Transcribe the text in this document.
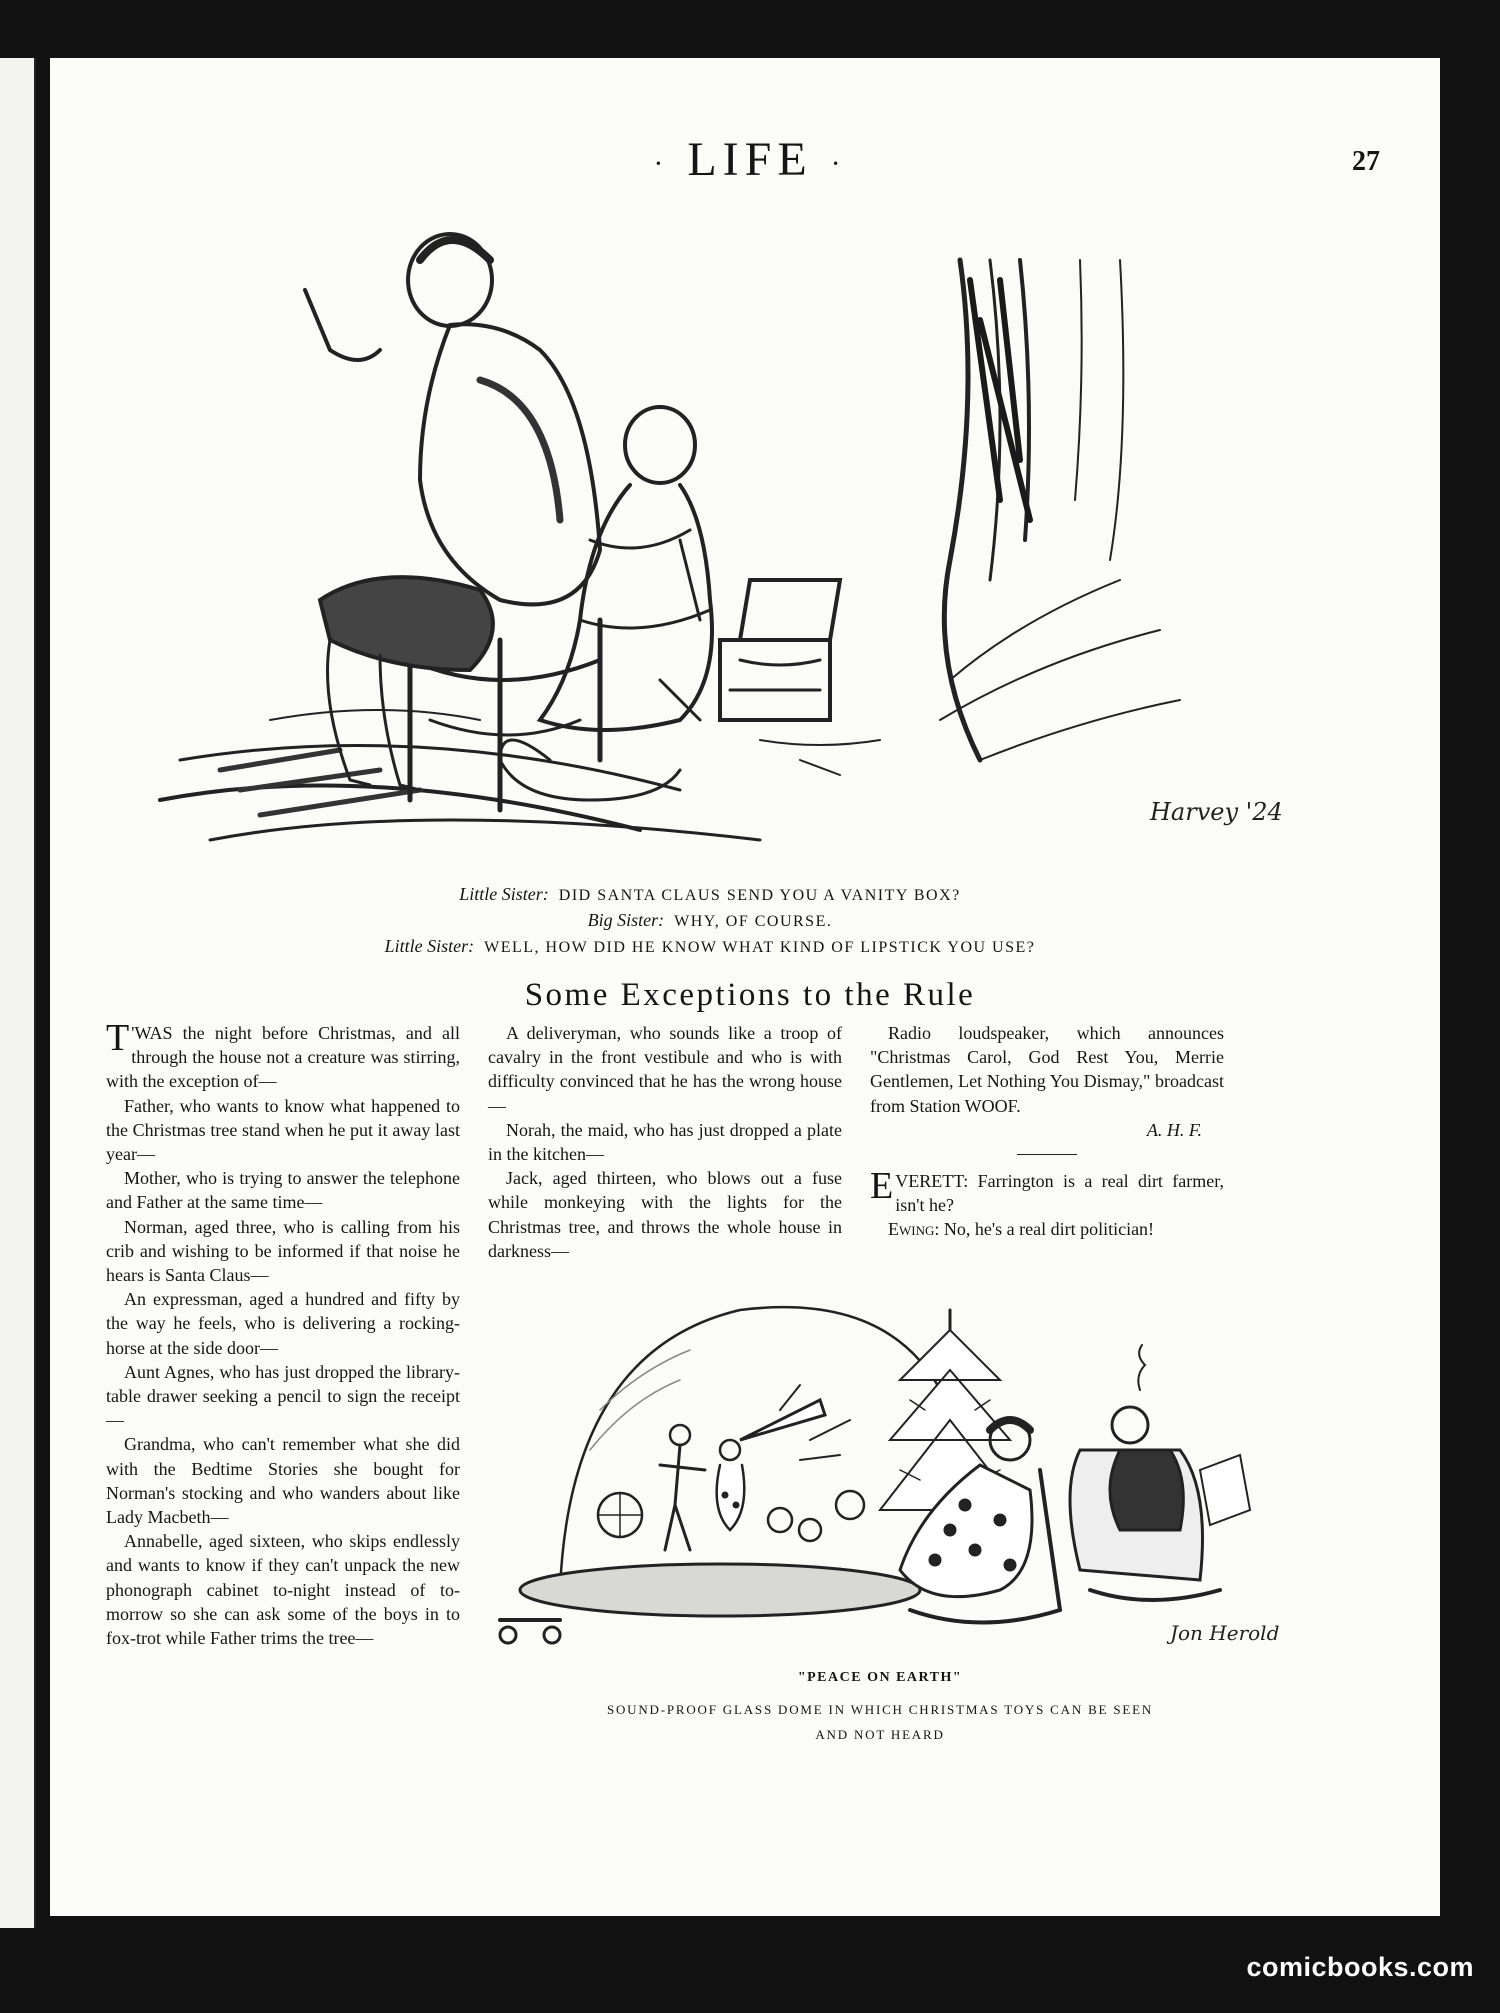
· LIFE ·	27
Harvey '24
Little Sister: DID SANTA CLAUS SEND YOU A VANITY BOX?
Big Sister: WHY, OF COURSE.
Little Sister: WELL, HOW DID HE KNOW WHAT KIND OF LIPSTICK YOU USE?
Some Exceptions to the Rule

T 'WAS the night before Christmas, and all through the house not a creature was stirring, with the exception of—

Father, who wants to know what happened to the Christmas tree stand when he put it away last year—

Mother, who is trying to answer the telephone and Father at the same time—

Norman, aged three, who is calling from his crib and wishing to be informed if that noise he hears is Santa Claus—

An expressman, aged a hundred and fifty by the way he feels, who is delivering a rocking-horse at the side door—

Aunt Agnes, who has just dropped the library-table drawer seeking a pencil to sign the receipt—

Grandma, who can't remember what she did with the Bedtime Stories she bought for Norman's stocking and who wanders about like Lady Macbeth—

Annabelle, aged sixteen, who skips endlessly and wants to know if they can't unpack the new phonograph cabinet to-night instead of to-morrow so she can ask some of the boys in to fox-trot while Father trims the tree—

A deliveryman, who sounds like a troop of cavalry in the front vestibule and who is with difficulty convinced that he has the wrong house—

Norah, the maid, who has just dropped a plate in the kitchen—

Jack, aged thirteen, who blows out a fuse while monkeying with the lights for the Christmas tree, and throws the whole house in darkness—

Radio loudspeaker, which announces "Christmas Carol, God Rest You, Merrie Gentlemen, Let Nothing You Dismay," broadcast from Station WOOF.

A. H. F.

EVERETT: Farrington is a real dirt farmer, isn't he?

Ewing: No, he's a real dirt politician!

Jon Herold
"PEACE ON EARTH"
SOUND-PROOF GLASS DOME IN WHICH CHRISTMAS TOYS CAN BE SEEN
AND NOT HEARD
comicbooks.com
